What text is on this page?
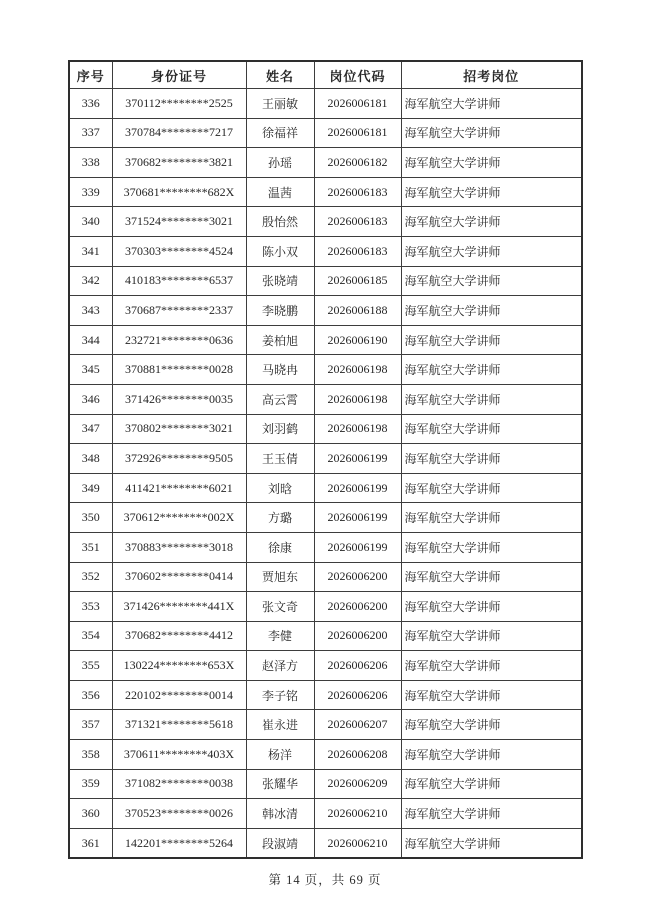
序号	身份证号	姓名	岗位代码	招考岗位
336	370112********2525	王丽敏	2026006181	海军航空大学讲师
337	370784********7217	徐福祥	2026006181	海军航空大学讲师
338	370682********3821	孙瑶	2026006182	海军航空大学讲师
339	370681********682X	温茜	2026006183	海军航空大学讲师
340	371524********3021	殷怡然	2026006183	海军航空大学讲师
341	370303********4524	陈小双	2026006183	海军航空大学讲师
342	410183********6537	张晓靖	2026006185	海军航空大学讲师
343	370687********2337	李晓鹏	2026006188	海军航空大学讲师
344	232721********0636	姜柏旭	2026006190	海军航空大学讲师
345	370881********0028	马晓冉	2026006198	海军航空大学讲师
346	371426********0035	高云霄	2026006198	海军航空大学讲师
347	370802********3021	刘羽鹤	2026006198	海军航空大学讲师
348	372926********9505	王玉倩	2026006199	海军航空大学讲师
349	411421********6021	刘晗	2026006199	海军航空大学讲师
350	370612********002X	方璐	2026006199	海军航空大学讲师
351	370883********3018	徐康	2026006199	海军航空大学讲师
352	370602********0414	贾旭东	2026006200	海军航空大学讲师
353	371426********441X	张文奇	2026006200	海军航空大学讲师
354	370682********4412	李健	2026006200	海军航空大学讲师
355	130224********653X	赵泽方	2026006206	海军航空大学讲师
356	220102********0014	李子铭	2026006206	海军航空大学讲师
357	371321********5618	崔永进	2026006207	海军航空大学讲师
358	370611********403X	杨洋	2026006208	海军航空大学讲师
359	371082********0038	张耀华	2026006209	海军航空大学讲师
360	370523********0026	韩冰清	2026006210	海军航空大学讲师
361	142201********5264	段淑靖	2026006210	海军航空大学讲师
第 14 页，共 69 页
